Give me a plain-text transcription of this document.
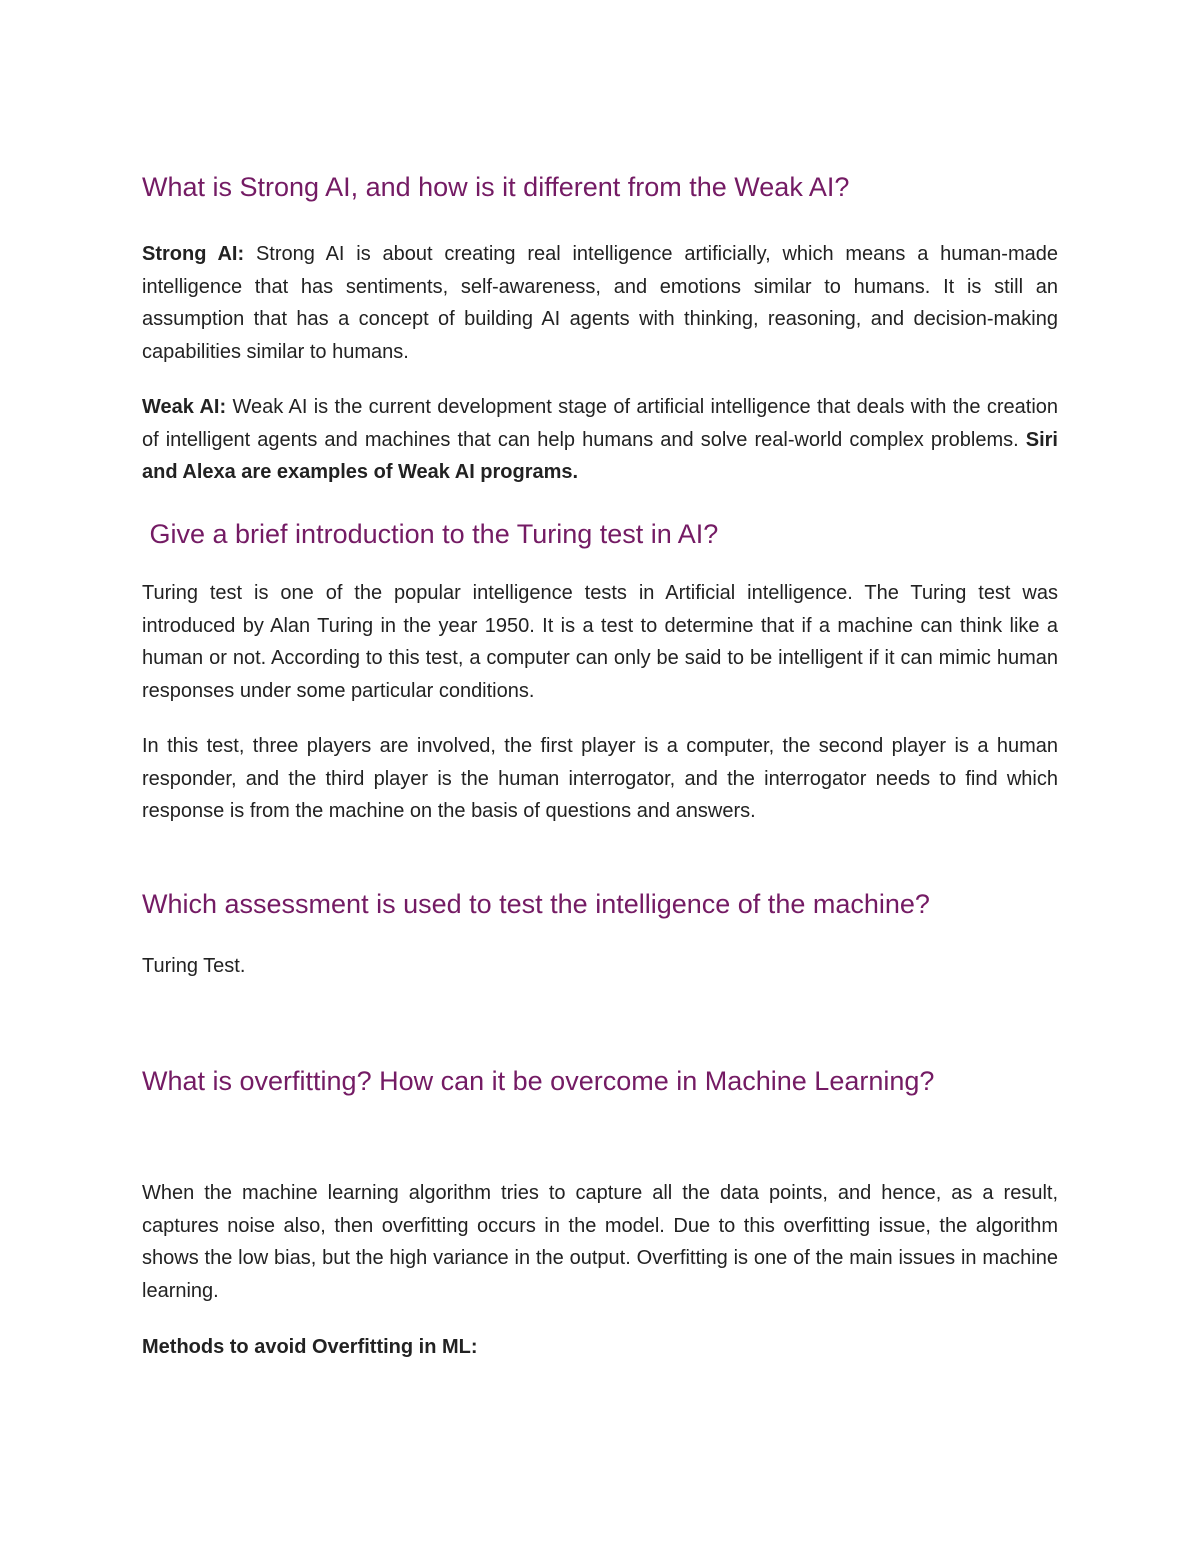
What is Strong AI, and how is it different from the Weak AI?

Strong AI: Strong AI is about creating real intelligence artificially, which means a human-made intelligence that has sentiments, self-awareness, and emotions similar to humans. It is still an assumption that has a concept of building AI agents with thinking, reasoning, and decision-making capabilities similar to humans.

Weak AI: Weak AI is the current development stage of artificial intelligence that deals with the creation of intelligent agents and machines that can help humans and solve real-world complex problems. Siri and Alexa are examples of Weak AI programs.

Give a brief introduction to the Turing test in AI?

Turing test is one of the popular intelligence tests in Artificial intelligence. The Turing test was introduced by Alan Turing in the year 1950. It is a test to determine that if a machine can think like a human or not. According to this test, a computer can only be said to be intelligent if it can mimic human responses under some particular conditions.

In this test, three players are involved, the first player is a computer, the second player is a human responder, and the third player is the human interrogator, and the interrogator needs to find which response is from the machine on the basis of questions and answers.

Which assessment is used to test the intelligence of the machine?

Turing Test.

What is overfitting? How can it be overcome in Machine Learning?

When the machine learning algorithm tries to capture all the data points, and hence, as a result, captures noise also, then overfitting occurs in the model. Due to this overfitting issue, the algorithm shows the low bias, but the high variance in the output. Overfitting is one of the main issues in machine learning.

Methods to avoid Overfitting in ML:
